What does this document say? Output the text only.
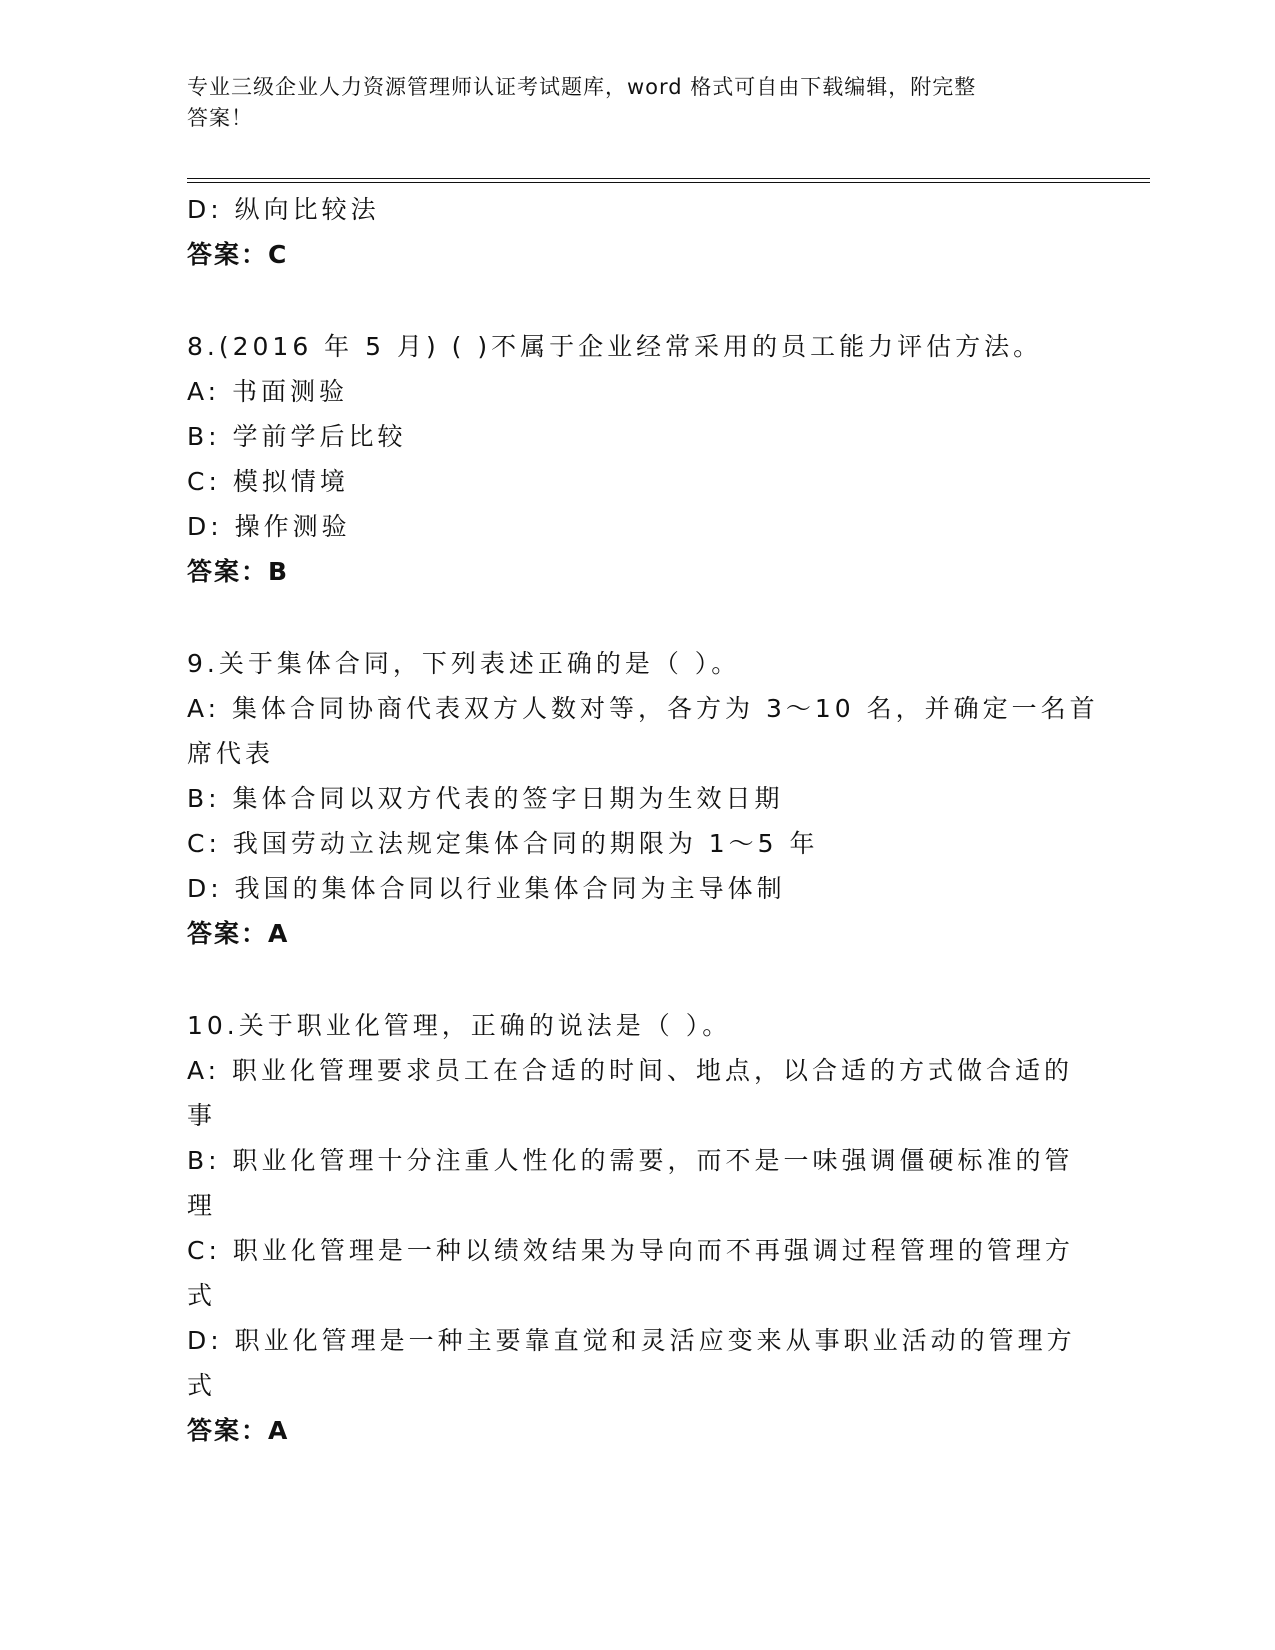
专业三级企业人力资源管理师认证考试题库，word 格式可自由下载编辑，附完整
答案！
D: 纵向比较法
答案：C
8.(2016 年 5 月) ( )不属于企业经常采用的员工能力评估方法。
A: 书面测验
B: 学前学后比较
C: 模拟情境
D: 操作测验
答案：B
9.关于集体合同，下列表述正确的是（ ）。
A: 集体合同协商代表双方人数对等，各方为 3～10 名，并确定一名首
席代表
B: 集体合同以双方代表的签字日期为生效日期
C: 我国劳动立法规定集体合同的期限为 1～5 年
D: 我国的集体合同以行业集体合同为主导体制
答案：A
10.关于职业化管理，正确的说法是（ ）。
A: 职业化管理要求员工在合适的时间、地点，以合适的方式做合适的
事
B: 职业化管理十分注重人性化的需要，而不是一味强调僵硬标准的管
理
C: 职业化管理是一种以绩效结果为导向而不再强调过程管理的管理方
式
D: 职业化管理是一种主要靠直觉和灵活应变来从事职业活动的管理方
式
答案：A
